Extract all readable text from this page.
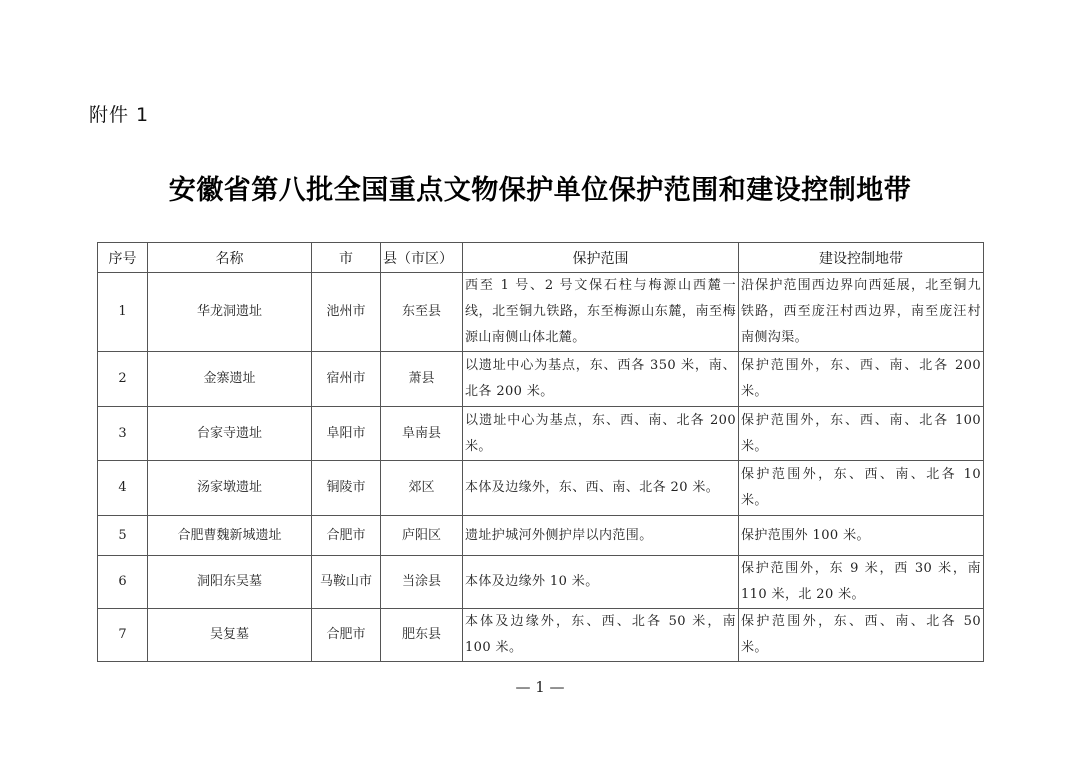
附件 1
安徽省第八批全国重点文物保护单位保护范围和建设控制地带
序号	名称	市	县（市区）	保护范围	建设控制地带
1	华龙洞遗址	池州市	东至县	西至 1 号、2 号文保石柱与梅源山西麓一线，北至铜九铁路，东至梅源山东麓，南至梅源山南侧山体北麓。	沿保护范围西边界向西延展，北至铜九铁路，西至庞汪村西边界，南至庞汪村南侧沟渠。
2	金寨遗址	宿州市	萧县	以遗址中心为基点，东、西各 350 米，南、北各 200 米。	保护范围外，东、西、南、北各 200 米。
3	台家寺遗址	阜阳市	阜南县	以遗址中心为基点，东、西、南、北各 200 米。	保护范围外，东、西、南、北各 100 米。
4	汤家墩遗址	铜陵市	郊区	本体及边缘外，东、西、南、北各 20 米。	保护范围外，东、西、南、北各 10 米。
5	合肥曹魏新城遗址	合肥市	庐阳区	遗址护城河外侧护岸以内范围。	保护范围外 100 米。
6	洞阳东吴墓	马鞍山市	当涂县	本体及边缘外 10 米。	保护范围外，东 9 米，西 30 米，南 110 米，北 20 米。
7	吴复墓	合肥市	肥东县	本体及边缘外，东、西、北各 50 米，南 100 米。	保护范围外，东、西、南、北各 50 米。
— 1 —
